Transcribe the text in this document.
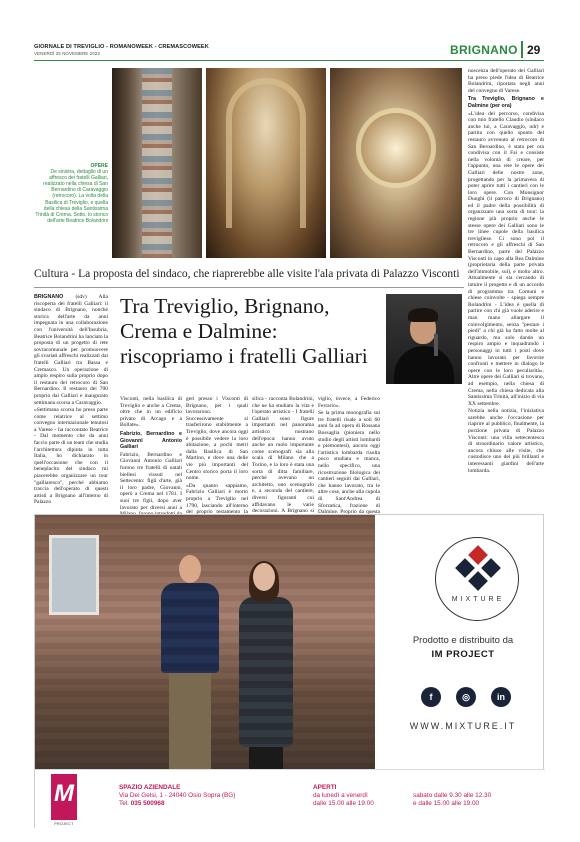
GIORNALE DI TREVIGLIO - ROMANOWEEK - CREMASCOWEEK
VENERDÌ 25 NOVEMBRE 2022	BRIGNANO 29
OPERE
De sinistra, dettaglio di un affresco dei fratelli Galliari, realizzato nella chiesa di San Bernardino di Caravaggio (retrocoro). La volta della Basilica di Treviglio, e quella della chiesa della Santissima Trinità di Crema. Sotto, lo storico dell'arte Beatrice Bolandrini
Cultura - La proposta del sindaco, che riaprerebbe alle visite l'ala privata di Palazzo Visconti

BRIGNANO (sdv) Alla riscoperta dei fratelli Galliari: il sindaco di Brignano, nonché storica dell'arte da anni impegnata in una collaborazione con l'università dell'Insubria, Beatrice Bolandrini ha lanciato la proposta di un progetto di rete sovracomunale per promuovere gli svariati affreschi realizzati dai fratelli Galliari tra Bassa e Cremasco. Un operazione di ampio respiro sulla proprio dopo il restauro del retrocoro di San Bernardino. Il restauro dei 700 proprio dai Galliari e inaugurato settimana scorsa a Caravaggio.

«Settimana scorsa ho preso parte come relatrice al settimo convegno internazionale tenutosi a Varese - ha raccontato Beatrice - Dal momento che da anni faccio parte di un team che studia l'architettura dipinta in tutta Italia, ho dichiarato in quell'occasione che con il beneplacito del sindaco mi piacerebbe organizzare un tour "galliaresco", perché abbiamo traccia dell'operato di questi artisti a Brignano all'interno di Palazzo

Tra Treviglio, Brignano, Crema e Dalmine: riscopriamo i fratelli Galliari

Visconti, nella basilica di Treviglio e anche a Crema, oltre che in un edificio privato di Arcago e a Bollate».

Fabrizio, Bernardino e Giovanni Antonio Galliari

Fabrizio, Bernardino e Giovanni Antonio Galliari furono tre fratelli di natali biellesi vissuti nel Settecento: figli d'arte, già il loro padre, Giovanni, operò a Crema nel 1781. I suoi tre figli, dopo aver lavorato per diversi anni a

geri presso i Visconti di Brignano, per i quali lavorarono. Successivamente si trasferirono stabilmente a Treviglio, dove ancora oggi è possibile vedere la loro abitazione, a pochi metri dalla Basilica di San Martino, e dove una delle vie più importanti del Centro storico porta il loro nome.

«Da quanto sappiamo, Fabrizio Galliari è morto proprio a Treviglio nel 1790, lasciando all'interno del proprio testamento la

silica - racconta Bolandrini, che ne ha studiato la vita e l'operato artistico - I fratelli Galliari sono figure importanti nel panorama artistico nostrano dell'epoca: hanno avuto anche un ruolo importante come scenografi sia alla scala di Milano che a Torino, e la loro è stata una sorta di ditta familiare, perché avevano un architetto, uno scenografo e, a seconda del cantiere, diversi figuranti cui affidavano le varie decorazioni. A Brignano si

viglio, invece, a Federico Ferrario».

Se la prima monografia sui tre fratelli risale a soli 60 anni fa ad opera di Rossana Bossaglia (pioniera nello studio degli artisti lombardi e piemontesi), ancora oggi l'artistica lombarda risulta poco studiata e manca, nello specifico, una ricostruzione filologica dei cantieri seguiti dai Galliari, che hanno lavorato, tra le altre cose, anche alla cupola di Sant'Andrea di Sforzatica, frazione di Dalmine. Proprio da questa

noscenza dell'operato dei Galliari ha preso piede l'idea di Beatrice Bolandrini, riportata negli anni del convegno di Varese.

Tra Treviglio, Brignano e Dalmine (per ora)

«L'idea del percorso, condivisa con mio fratello Claudio (sindaco anche lui, a Caravaggio, ndr) e partita con quello spunto del restauro avvenuto al retrocoro di San Bernardino, è stata per ora condivisa con il Fai e consiste nella volontà di creare, per l'appunto, una rete le opere dei Galliari delle nostre zone, progettando per la primavera di poter aprire tutti i cantieri con le loro opere. Con Monsignor Dunghi (il parroco di Brignano) ed il padre della possibilità di organizzare una sorta di tour: la regione più proprio anche le stesse opere dei Galliari sono le tre linee cupole della basilica trevigliese. Ci sono poi il retrocoro e gli affreschi di San Bernardino, parte del Palazzo Visconti in capo alla Rea Dalmine (proprietaria della parte privata dell'immobile, sul), e molto altro. Attualmente si sta cercando di intuire il progetto e di un accordo di programma tra Comuni e chiese coinvolte - spiega sempre Bolandrini - L'idea è quella di partire con chi già vuole aderire e man mano allargare il coinvolgimento, senza "pestare i piedi" a chi già ha fatto molte al riguardo, ma solo dando un respiro ampio e inquadrando i personaggi in tutti i posti dove hanno lavorato per favorire confronti e mettere in dialogo le opere con le loro peculiarità». Altre opere dei Galliari si trovano, ad esempio, nella chiesa di Crema, nella chiesa dedicata alla Santissima Trinità, all'inizio di via XX settembre.

Notizia nella notizia, l'iniziativa sarebbe anche l'occasione per riaprire al pubblico, finalmente, la porzione privata di Palazzo Visconti: una villa settecentesca di straordinario valore artistico, ancora chiuso alle visite, che custodisce uno dei più brillanti e interessanti giardini dell'arte lombarda.

MIXTURE
Prodotto e distribuito da
IM PROJECT
f	◎	in
WWW.MIXTURE.IT
M
PROJECT
SPAZIO AZIENDALE
Via Dei Gelsi, 1 - 24040 Osio Sopra (BG)
Tel. 035 500968
APERTI
da lunedì a venerdì
dalle 15.00 alle 19.00
sabato dalle 9.30 alle 12.30
e dalle 15.00 alle 19.00
